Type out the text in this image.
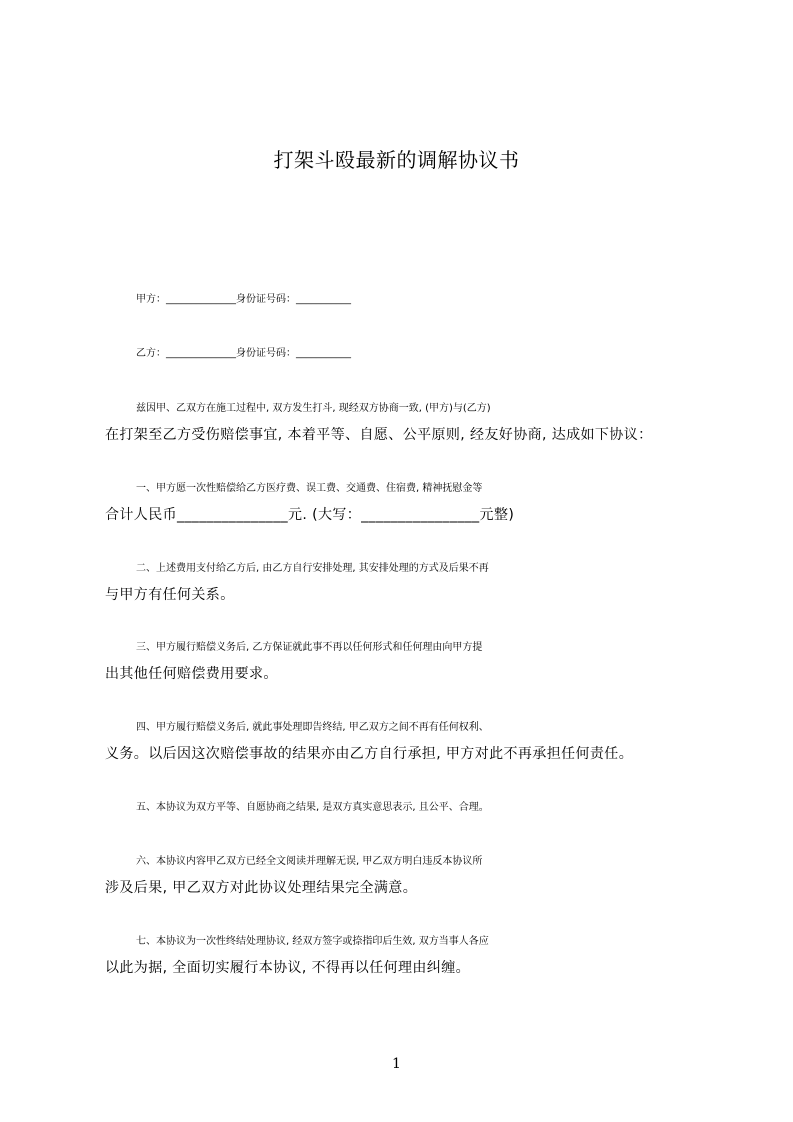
打架斗殴最新的调解协议书
甲方：______________身份证号码：___________
乙方：______________身份证号码：___________
兹因甲、乙双方在施工过程中, 双方发生打斗, 现经双方协商一致, (甲方)与(乙方)
在打架至乙方受伤赔偿事宜, 本着平等、自愿、公平原则, 经友好协商, 达成如下协议：
一、甲方愿一次性赔偿给乙方医疗费、误工费、交通费、住宿费, 精神抚慰金等
合计人民币_______________元. (大写：________________元整)
二、上述费用支付给乙方后, 由乙方自行安排处理, 其安排处理的方式及后果不再
与甲方有任何关系。
三、甲方履行赔偿义务后, 乙方保证就此事不再以任何形式和任何理由向甲方提
出其他任何赔偿费用要求。
四、甲方履行赔偿义务后, 就此事处理即告终结, 甲乙双方之间不再有任何权利、
义务。以后因这次赔偿事故的结果亦由乙方自行承担, 甲方对此不再承担任何责任。
五、本协议为双方平等、自愿协商之结果, 是双方真实意思表示, 且公平、合理。
六、本协议内容甲乙双方已经全文阅读并理解无误, 甲乙双方明白违反本协议所
涉及后果, 甲乙双方对此协议处理结果完全满意。
七、本协议为一次性终结处理协议, 经双方签字或捺指印后生效, 双方当事人各应
以此为据, 全面切实履行本协议, 不得再以任何理由纠缠。
1
